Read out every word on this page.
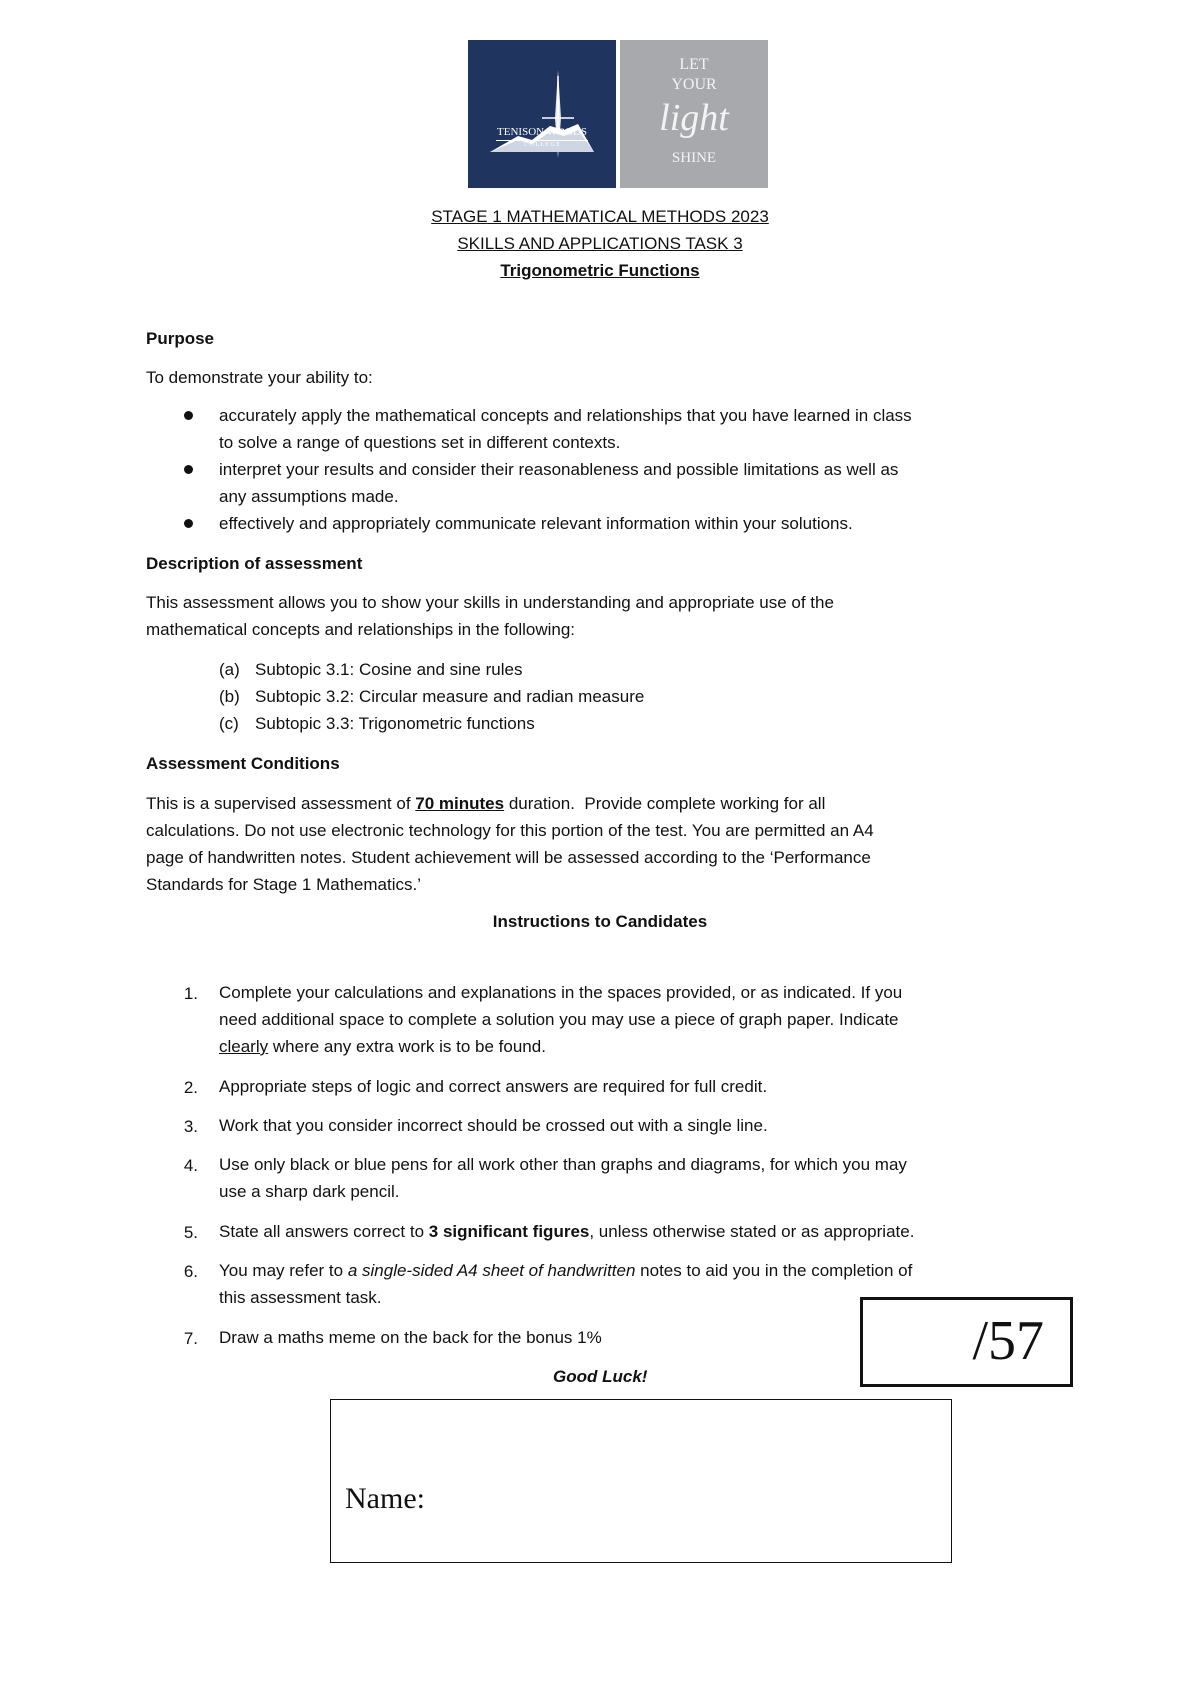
TENISON WOODS
C O L L E G E
LET
YOUR
light
SHINE
STAGE 1 MATHEMATICAL METHODS 2023
SKILLS AND APPLICATIONS TASK 3
Trigonometric Functions
Purpose
To demonstrate your ability to:
accurately apply the mathematical concepts and relationships that you have learned in class
to solve a range of questions set in different contexts.
interpret your results and consider their reasonableness and possible limitations as well as
any assumptions made.
effectively and appropriately communicate relevant information within your solutions.
Description of assessment
This assessment allows you to show your skills in understanding and appropriate use of the
mathematical concepts and relationships in the following:
(a) Subtopic 3.1: Cosine and sine rules
(b) Subtopic 3.2: Circular measure and radian measure
(c) Subtopic 3.3: Trigonometric functions
Assessment Conditions
This is a supervised assessment of 70 minutes duration.  Provide complete working for all
calculations. Do not use electronic technology for this portion of the test. You are permitted an A4
page of handwritten notes. Student achievement will be assessed according to the ‘Performance
Standards for Stage 1 Mathematics.’
Instructions to Candidates
1. Complete your calculations and explanations in the spaces provided, or as indicated. If you
need additional space to complete a solution you may use a piece of graph paper. Indicate
clearly where any extra work is to be found.
2. Appropriate steps of logic and correct answers are required for full credit.
3. Work that you consider incorrect should be crossed out with a single line.
4. Use only black or blue pens for all work other than graphs and diagrams, for which you may
use a sharp dark pencil.
5. State all answers correct to 3 significant figures, unless otherwise stated or as appropriate.
6. You may refer to a single-sided A4 sheet of handwritten notes to aid you in the completion of
this assessment task.
7. Draw a maths meme on the back for the bonus 1%
Good Luck!
/57
Name:
